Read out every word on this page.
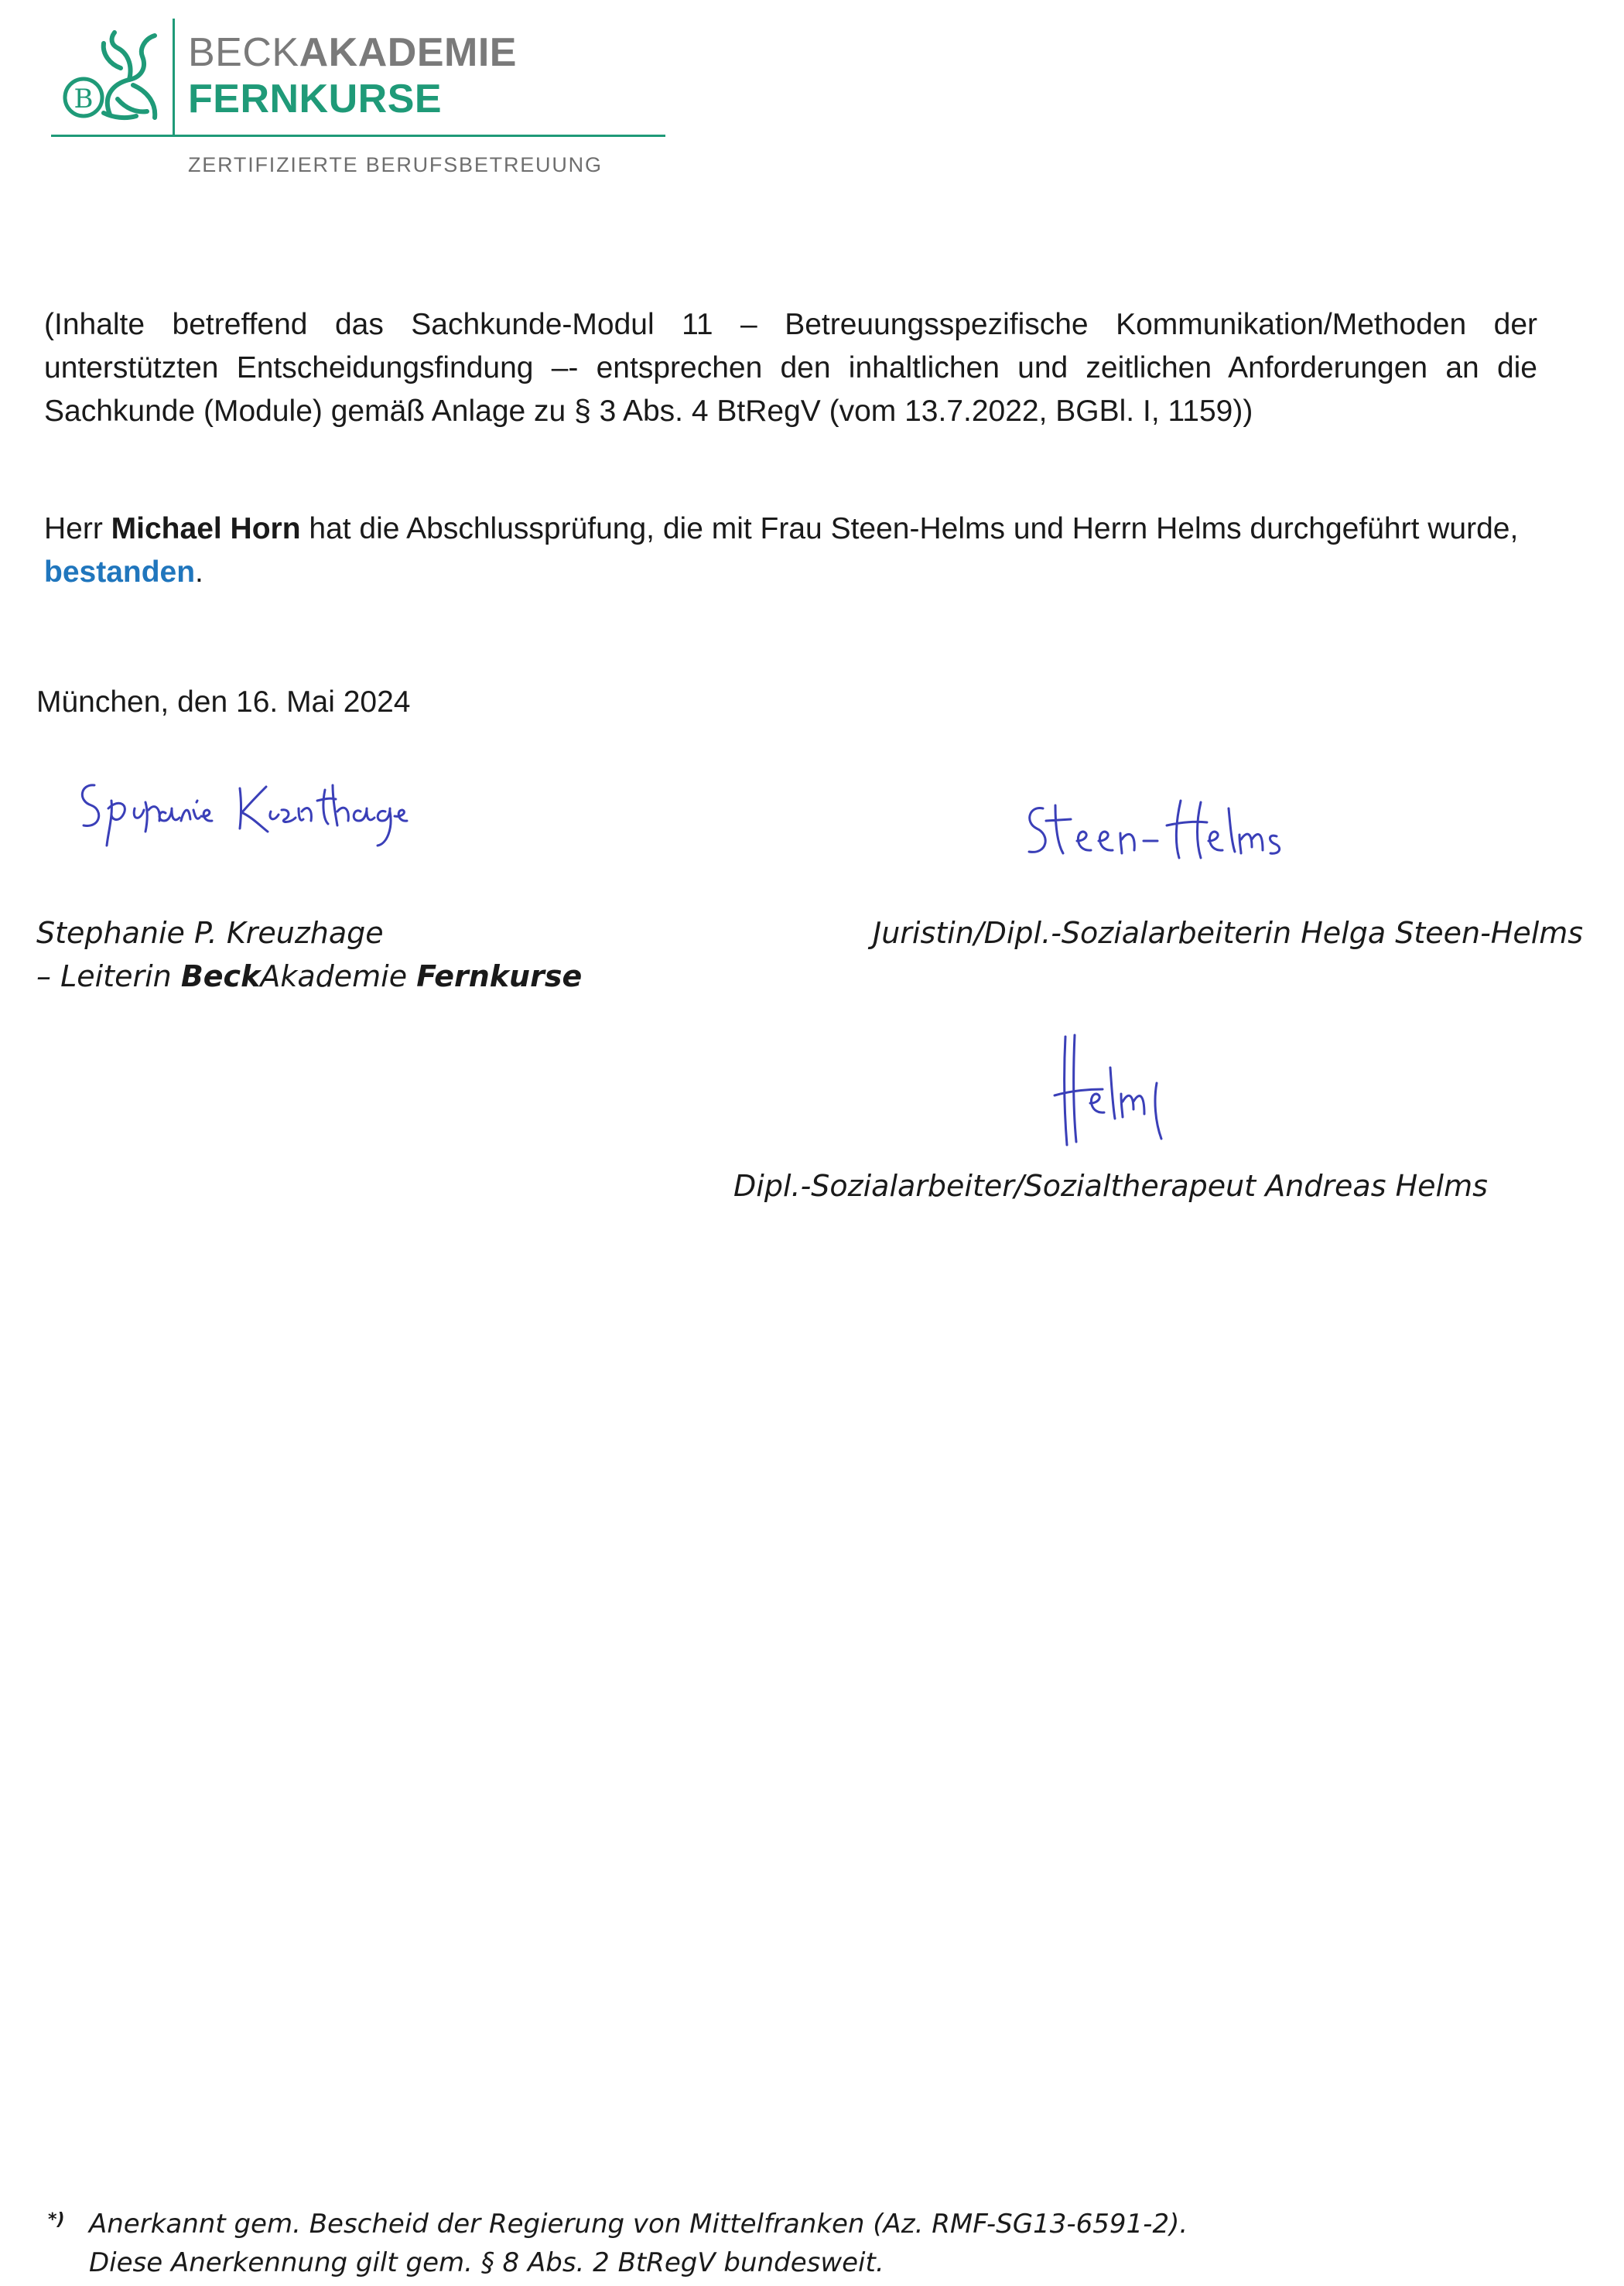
B
BECKAKADEMIE
FERNKURSE
ZERTIFIZIERTE BERUFSBETREUUNG
(Inhalte betreffend das Sachkunde-Modul 11 – Betreuungsspezifische Kommunikation/Methoden der unterstützten Entscheidungsfindung –- entsprechen den inhaltlichen und zeitlichen Anforderungen an die Sachkunde (Module) gemäß Anlage zu § 3 Abs. 4 BtRegV (vom 13.7.2022, BGBl. I, 1159))
Herr Michael Horn hat die Abschlussprüfung, die mit Frau Steen-Helms und Herrn Helms durchgeführt wurde, bestanden.
München, den 16. Mai 2024
Stephanie P. Kreuzhage
– Leiterin BeckAkademie Fernkurse
Juristin/Dipl.-Sozialarbeiterin Helga Steen-Helms
Dipl.-Sozialarbeiter/Sozialtherapeut Andreas Helms
*) Anerkannt gem. Bescheid der Regierung von Mittelfranken (Az. RMF-SG13-6591-2).
Diese Anerkennung gilt gem. § 8 Abs. 2 BtRegV bundesweit.
